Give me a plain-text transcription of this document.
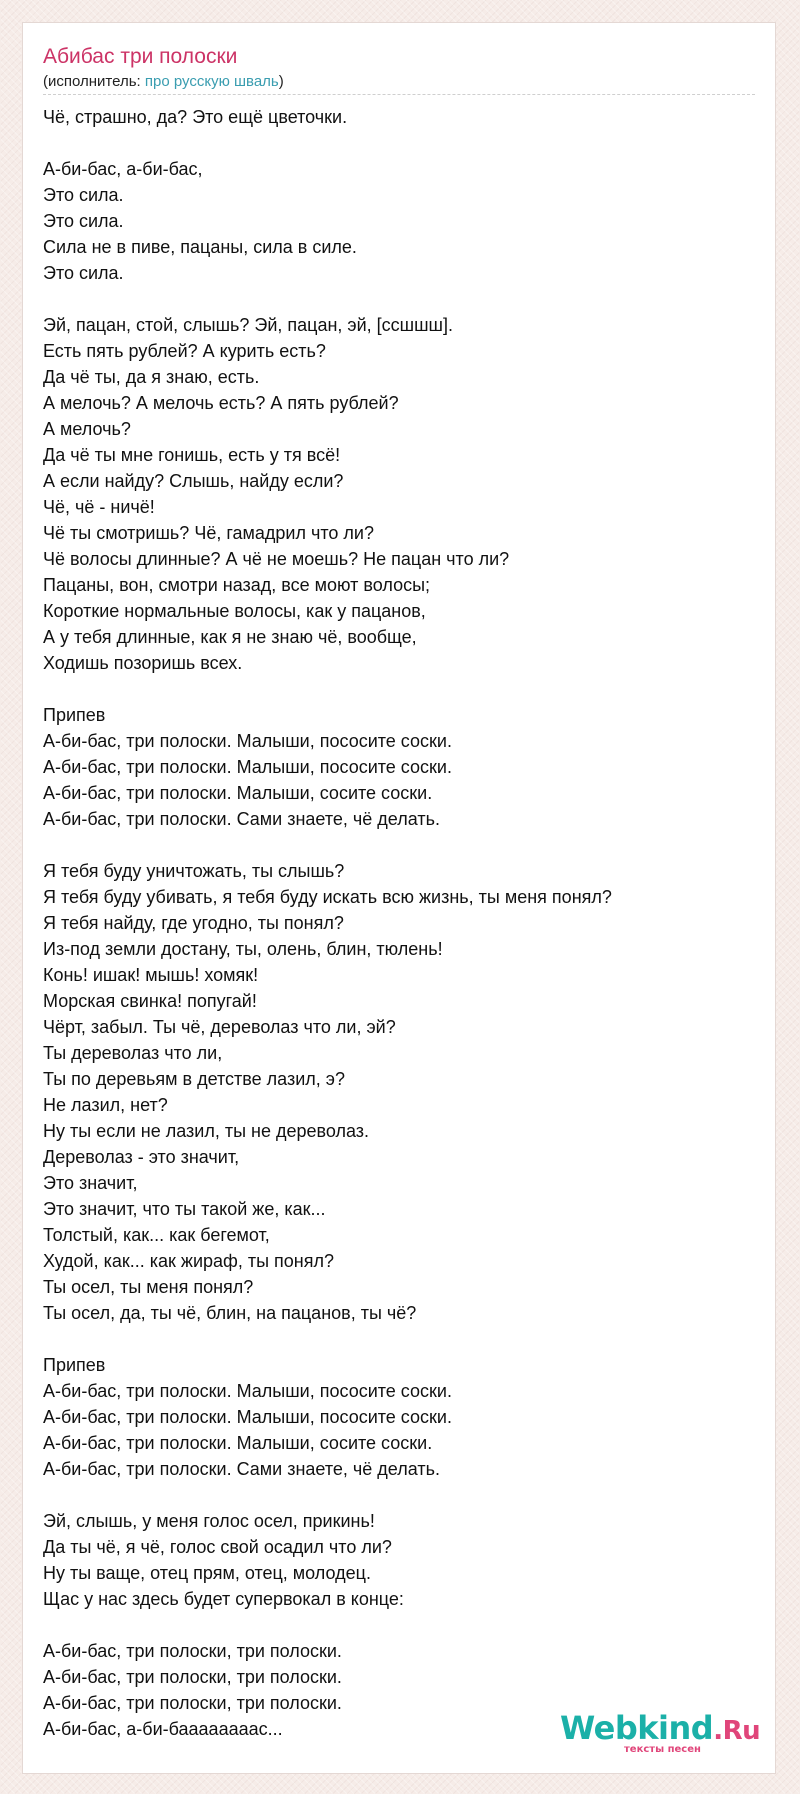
Абибас три полоски
(исполнитель: про русскую шваль)
Чё, страшно, да? Это ещё цветочки.
А-би-бас, а-би-бас,
Это сила.
Это сила.
Сила не в пиве, пацаны, сила в силе.
Это сила.
Эй, пацан, стой, слышь? Эй, пацан, эй, [ссшшш].
Есть пять рублей? А курить есть?
Да чё ты, да я знаю, есть.
А мелочь? А мелочь есть? А пять рублей?
А мелочь?
Да чё ты мне гонишь, есть у тя всё!
А если найду? Слышь, найду если?
Чё, чё - ничё!
Чё ты смотришь? Чё, гамадрил что ли?
Чё волосы длинные? А чё не моешь? Не пацан что ли?
Пацаны, вон, смотри назад, все моют волосы;
Короткие нормальные волосы, как у пацанов,
А у тебя длинные, как я не знаю чё, вообще,
Ходишь позоришь всех.
Припев
А-би-бас, три полоски. Малыши, пососите соски.
А-би-бас, три полоски. Малыши, пососите соски.
А-би-бас, три полоски. Малыши, сосите соски.
А-би-бас, три полоски. Сами знаете, чё делать.
Я тебя буду уничтожать, ты слышь?
Я тебя буду убивать, я тебя буду искать всю жизнь, ты меня понял?
Я тебя найду, где угодно, ты понял?
Из-под земли достану, ты, олень, блин, тюлень!
Конь! ишак! мышь! хомяк!
Морская свинка! попугай!
Чёрт, забыл. Ты чё, дереволаз что ли, эй?
Ты дереволаз что ли,
Ты по деревьям в детстве лазил, э?
Не лазил, нет?
Ну ты если не лазил, ты не дереволаз.
Дереволаз - это значит,
Это значит,
Это значит, что ты такой же, как...
Толстый, как... как бегемот,
Худой, как... как жираф, ты понял?
Ты осел, ты меня понял?
Ты осел, да, ты чё, блин, на пацанов, ты чё?
Припев
А-би-бас, три полоски. Малыши, пососите соски.
А-би-бас, три полоски. Малыши, пососите соски.
А-би-бас, три полоски. Малыши, сосите соски.
А-би-бас, три полоски. Сами знаете, чё делать.
Эй, слышь, у меня голос осел, прикинь!
Да ты чё, я чё, голос свой осадил что ли?
Ну ты ваще, отец прям, отец, молодец.
Щас у нас здесь будет супервокал в конце:
А-би-бас, три полоски, три полоски.
А-би-бас, три полоски, три полоски.
А-би-бас, три полоски, три полоски.
А-би-бас, а-би-баааааааас...	Webkind.Ru
тексты песен
